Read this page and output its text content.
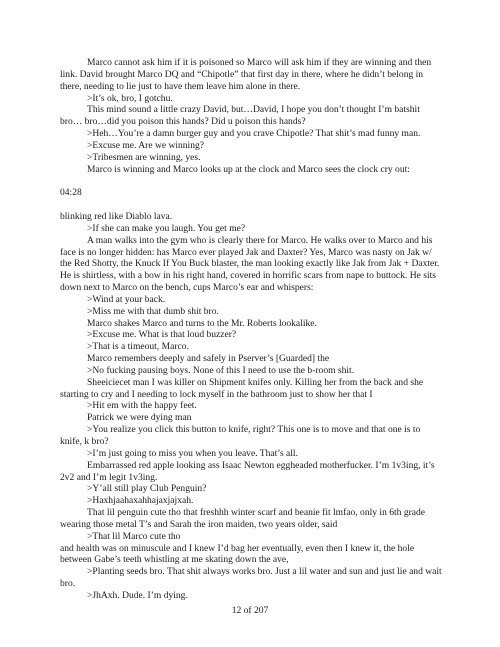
Marco cannot ask him if it is poisoned so Marco will ask him if they are winning and then link. David brought Marco DQ and “Chipotle” that first day in there, where he didn’t belong in there, needing to lie just to have them leave him alone in there.

>It’s ok, bro, I gotchu.

This mind sound a little crazy David, but…David, I hope you don’t thought I’m batshit bro… bro…did you poison this hands? Did u poison this hands?

>Heh…You’re a damn burger guy and you crave Chipotle? That shit’s mad funny man.

>Excuse me. Are we winning?

>Tribesmen are winning, yes.

Marco is winning and Marco looks up at the clock and Marco sees the clock cry out:

04:28

blinking red like Diablo lava.

>If she can make you laugh. You get me?

A man walks into the gym who is clearly there for Marco. He walks over to Marco and his face is no longer hidden: has Marco ever played Jak and Daxter? Yes, Marco was nasty on Jak w/ the Red Shotty, the Knuck If You Buck blaster, the man looking exactly like Jak from Jak + Daxter. He is shirtless, with a bow in his right hand, covered in horrific scars from nape to buttock. He sits down next to Marco on the bench, cups Marco’s ear and whispers:

>Wind at your back.

>Miss me with that dumb shit bro.

Marco shakes Marco and turns to the Mr. Roberts lookalike.

>Excuse me. What is that loud buzzer?

>That is a timeout, Marco.

Marco remembers deeply and safely in Pserver’s [Guarded] the

>No fucking pausing boys. None of this I need to use the b-room shit.

Sheeiciecet man I was killer on Shipment knifes only. Killing her from the back and she starting to cry and I needing to lock myself in the bathroom just to show her that I

>Hit em with the happy feet.

Patrick we were dying man

>You realize you click this button to knife, right? This one is to move and that one is to knife, k bro?

>I’m just going to miss you when you leave. That’s all.

Embarrassed red apple looking ass Isaac Newton eggheaded motherfucker. I’m 1v3ing, it’s 2v2 and I’m legit 1v3ing.

>Y’all still play Club Penguin?

>Haxhjaahaxahhajaxjajxah.

That lil penguin cute tho that freshhh winter scarf and beanie fit lmfao, only in 6th grade wearing those metal T’s and Sarah the iron maiden, two years older, said

>That lil Marco cute tho

and health was on minuscule and I knew I’d bag her eventually, even then I knew it, the hole between Gabe’s teeth whistling at me skating down the ave,

>Planting seeds bro. That shit always works bro. Just a lil water and sun and just lie and wait bro.

>JhAxh. Dude. I’m dying.

12 of 207
